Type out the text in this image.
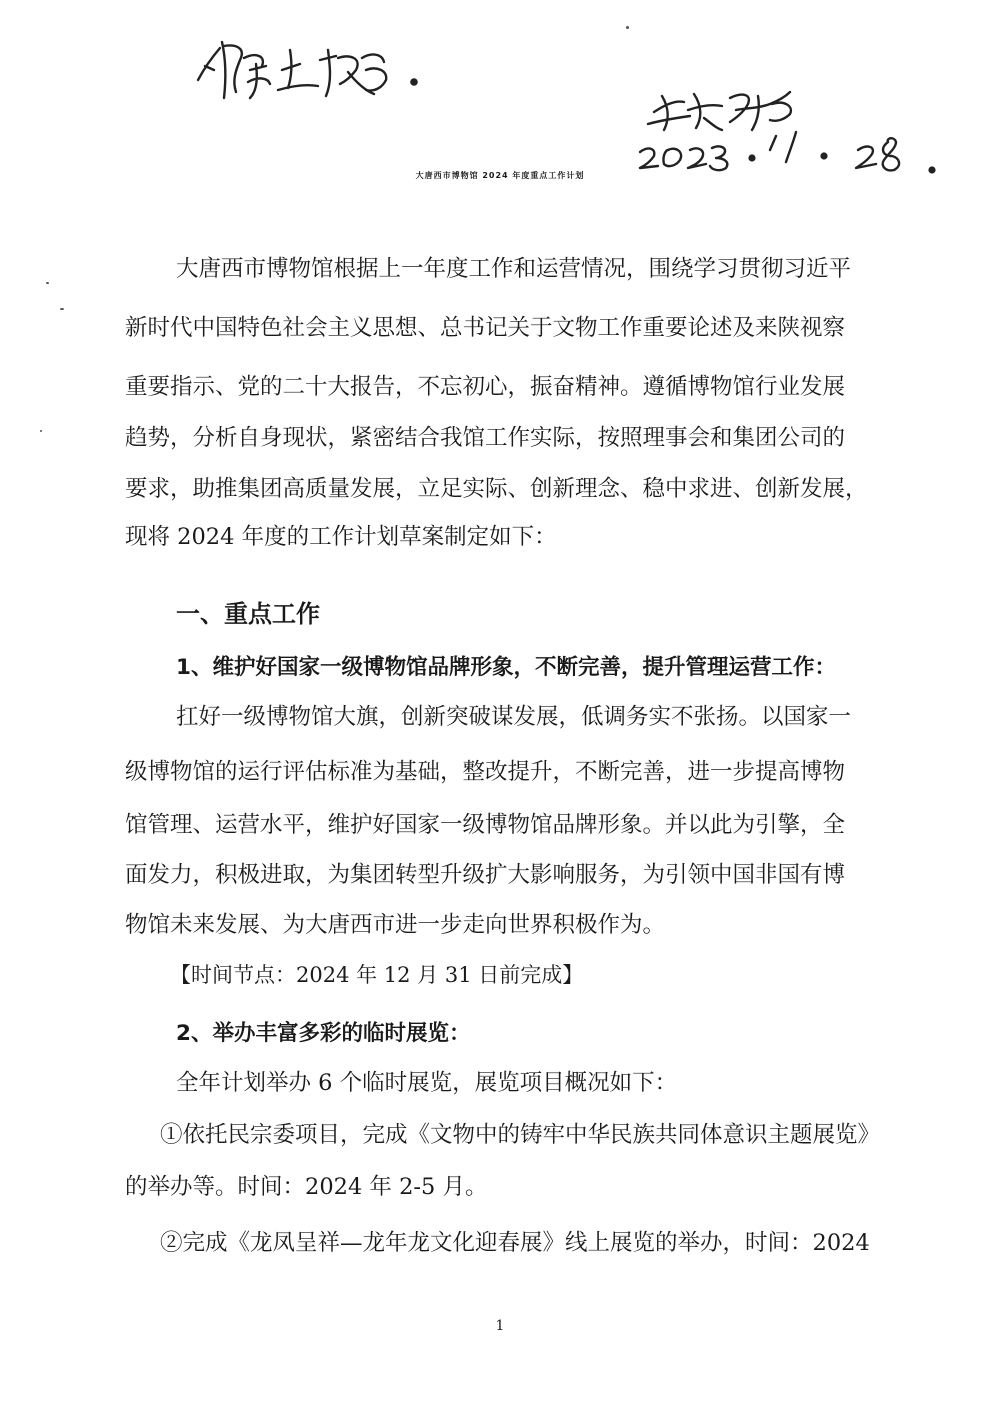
大唐西市博物馆 2024 年度重点工作计划
大唐西市博物馆根据上一年度工作和运营情况，围绕学习贯彻习近平
新时代中国特色社会主义思想、总书记关于文物工作重要论述及来陕视察
重要指示、党的二十大报告，不忘初心，振奋精神。遵循博物馆行业发展
趋势，分析自身现状，紧密结合我馆工作实际，按照理事会和集团公司的
要求，助推集团高质量发展，立足实际、创新理念、稳中求进、创新发展，
现将 2024 年度的工作计划草案制定如下：
一、重点工作
1、维护好国家一级博物馆品牌形象，不断完善，提升管理运营工作：
扛好一级博物馆大旗，创新突破谋发展，低调务实不张扬。以国家一
级博物馆的运行评估标准为基础，整改提升，不断完善，进一步提高博物
馆管理、运营水平，维护好国家一级博物馆品牌形象。并以此为引擎，全
面发力，积极进取，为集团转型升级扩大影响服务，为引领中国非国有博
物馆未来发展、为大唐西市进一步走向世界积极作为。
【时间节点：2024 年 12 月 31 日前完成】
2、举办丰富多彩的临时展览：
全年计划举办 6 个临时展览，展览项目概况如下：
①依托民宗委项目，完成《文物中的铸牢中华民族共同体意识主题展览》
的举办等。时间：2024 年 2-5 月。
②完成《龙凤呈祥—龙年龙文化迎春展》线上展览的举办，时间：2024
1
